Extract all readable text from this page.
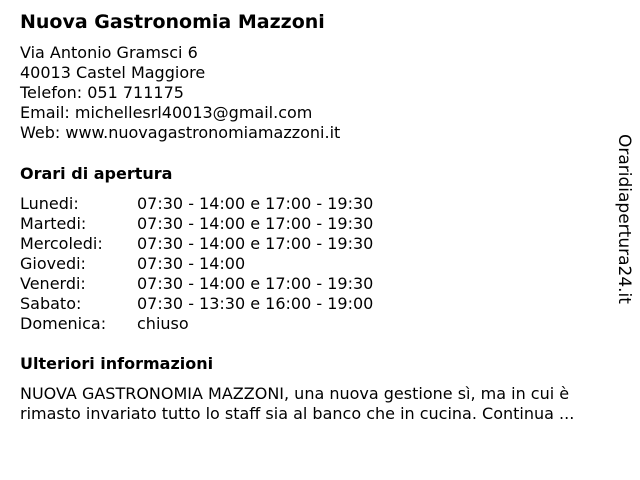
Nuova Gastronomia Mazzoni
Via Antonio Gramsci 6
40013 Castel Maggiore
Telefon: 051 711175
Email: michellesrl40013@gmail.com
Web: www.nuovagastronomiamazzoni.it
Orari di apertura
Lunedi:	07:30 - 14:00 e 17:00 - 19:30
Martedi:	07:30 - 14:00 e 17:00 - 19:30
Mercoledi:	07:30 - 14:00 e 17:00 - 19:30
Giovedi:	07:30 - 14:00
Venerdi:	07:30 - 14:00 e 17:00 - 19:30
Sabato:	07:30 - 13:30 e 16:00 - 19:00
Domenica:	chiuso
Ulteriori informazioni
NUOVA GASTRONOMIA MAZZONI, una nuova gestione sì, ma in cui è
rimasto invariato tutto lo staff sia al banco che in cucina. Continua ...
Oraridiapertura24.it
